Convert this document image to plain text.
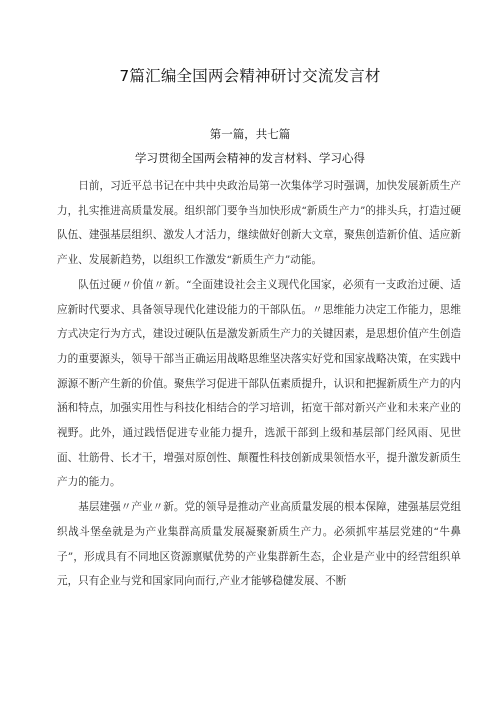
7篇汇编全国两会精神研讨交流发言材
第一篇，共七篇
学习贯彻全国两会精神的发言材料、学习心得

日前，习近平总书记在中共中央政治局第一次集体学习时强调，加快发展新质生产力，扎实推进高质量发展。组织部门要争当加快形成“新质生产力”的排头兵，打造过硬队伍、建强基层组织、激发人才活力，继续做好创新大文章，聚焦创造新价值、适应新产业、发展新趋势，以组织工作激发“新质生产力”动能。

队伍过硬〃价值〃新。“全面建设社会主义现代化国家，必须有一支政治过硬、适应新时代要求、具备领导现代化建设能力的干部队伍。〃思维能力决定工作能力，思维方式决定行为方式，建设过硬队伍是激发新质生产力的关键因素，是思想价值产生创造力的重要源头，领导干部当正确运用战略思维坚决落实好党和国家战略决策，在实践中源源不断产生新的价值。聚焦学习促进干部队伍素质提升，认识和把握新质生产力的内涵和特点，加强实用性与科技化相结合的学习培训，拓宽干部对新兴产业和未来产业的视野。此外，通过践悟促进专业能力提升，选派干部到上级和基层部门经风雨、见世面、壮筋骨、长才干，增强对原创性、颠覆性科技创新成果领悟水平，提升激发新质生产力的能力。

基层建强〃产业〃新。党的领导是推动产业高质量发展的根本保障，建强基层党组织战斗堡垒就是为产业集群高质量发展凝聚新质生产力。必须抓牢基层党建的“牛鼻子”，形成具有不同地区资源禀赋优势的产业集群新生态，企业是产业中的经营组织单元，只有企业与党和国家同向而行,产业才能够稳健发展、不断
